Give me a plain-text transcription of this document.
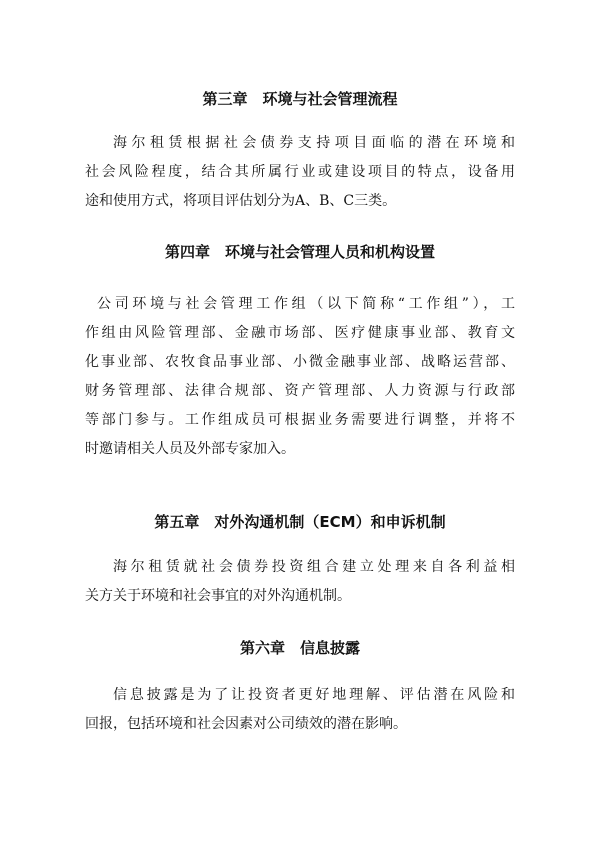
第三章　环境与社会管理流程
海尔租赁根据社会债券支持项目面临的潜在环境和
社会风险程度，结合其所属行业或建设项目的特点，设备用
途和使用方式，将项目评估划分为A、B、C三类。
第四章　环境与社会管理人员和机构设置
公司环境与社会管理工作组（以下简称“工作组”），工
作组由风险管理部、金融市场部、医疗健康事业部、教育文
化事业部、农牧食品事业部、小微金融事业部、战略运营部、
财务管理部、法律合规部、资产管理部、人力资源与行政部
等部门参与。工作组成员可根据业务需要进行调整，并将不
时邀请相关人员及外部专家加入。
第五章　对外沟通机制（ECM）和申诉机制
海尔租赁就社会债券投资组合建立处理来自各利益相
关方关于环境和社会事宜的对外沟通机制。
第六章　信息披露
信息披露是为了让投资者更好地理解、评估潜在风险和
回报，包括环境和社会因素对公司绩效的潜在影响。
